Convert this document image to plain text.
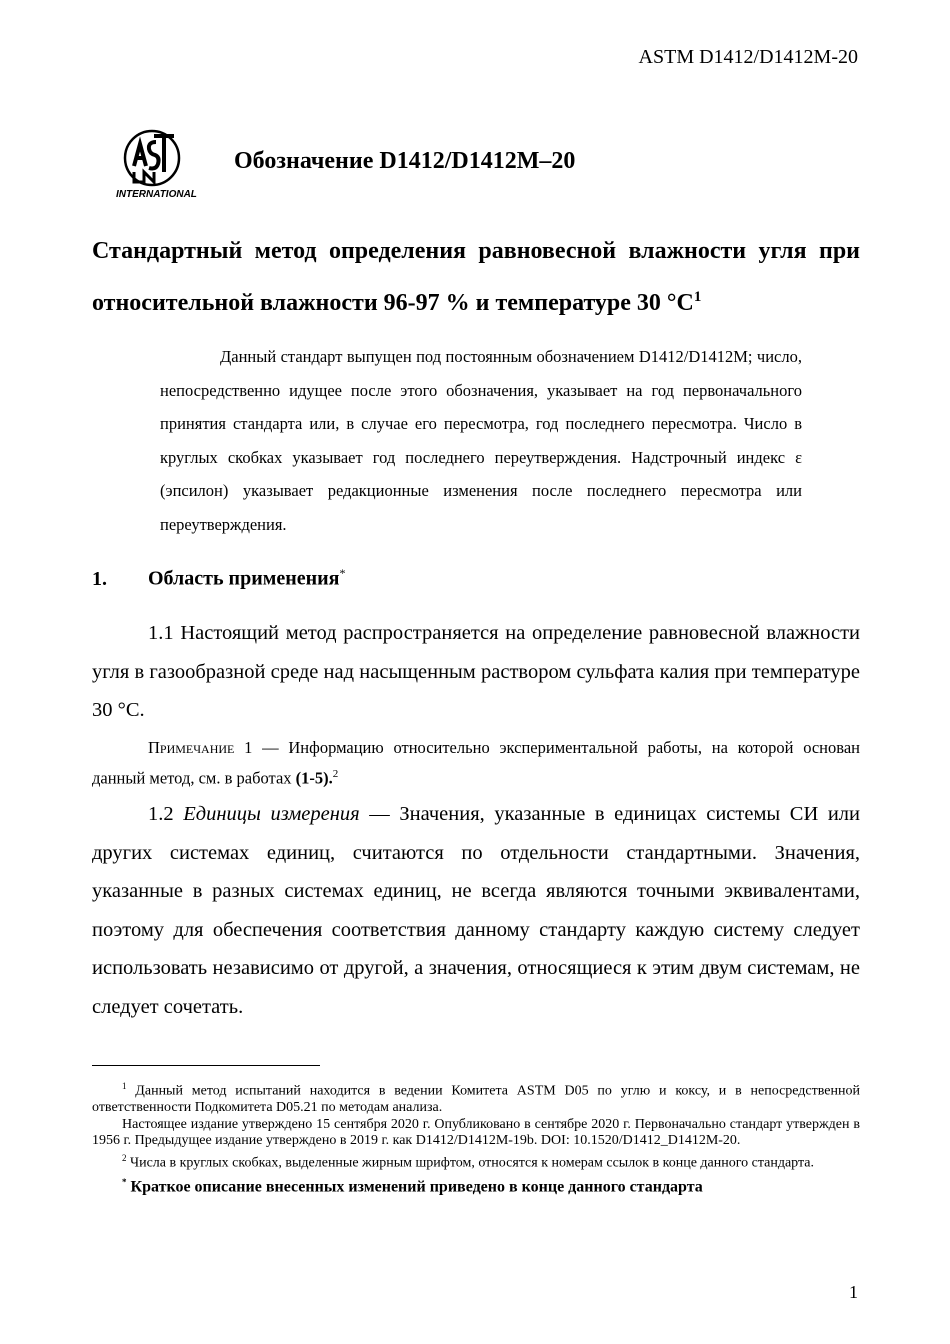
ASTM D1412/D1412M-20
INTERNATIONAL
Обозначение D1412/D1412M–20
Стандартный метод определения равновесной влажности угля при относительной влажности 96-97 % и температуре 30 $^\circ C^1$
Данный стандарт выпущен под постоянным обозначением D1412/D1412M; число, непосредственно идущее после этого обозначения, указывает на год первоначального принятия стандарта или, в случае его пересмотра, год последнего пересмотра. Число в круглых скобках указывает год последнего переутверждения. Надстрочный индекс ε (эпсилон) указывает редакционные изменения после последнего пересмотра или переутверждения.
1. Область применения*
1.1 Настоящий метод распространяется на определение равновесной влажности угля в газообразной среде над насыщенным раствором сульфата калия при температуре 30 °C.
Примечание 1 — Информацию относительно экспериментальной работы, на которой основан данный метод, см. в работах (1-5).$^2$
1.2 Единицы измерения — Значения, указанные в единицах системы СИ или других системах единиц, считаются по отдельности стандартными. Значения, указанные в разных системах единиц, не всегда являются точными эквивалентами, поэтому для обеспечения соответствия данному стандарту каждую систему следует использовать независимо от другой, а значения, относящиеся к этим двум системам, не следует сочетать.

$^1$ Данный метод испытаний находится в ведении Комитета ASTM D05 по углю и коксу, и в непосредственной ответственности Подкомитета D05.21 по методам анализа.

Настоящее издание утверждено 15 сентября 2020 г. Опубликовано в сентябре 2020 г. Первоначально стандарт утвержден в 1956 г. Предыдущее издание утверждено в 2019 г. как D1412/D1412M-19b. DOI: 10.1520/D1412_D1412M-20.

$^2$ Числа в круглых скобках, выделенные жирным шрифтом, относятся к номерам ссылок в конце данного стандарта.

* Краткое описание внесенных изменений приведено в конце данного стандарта

1
